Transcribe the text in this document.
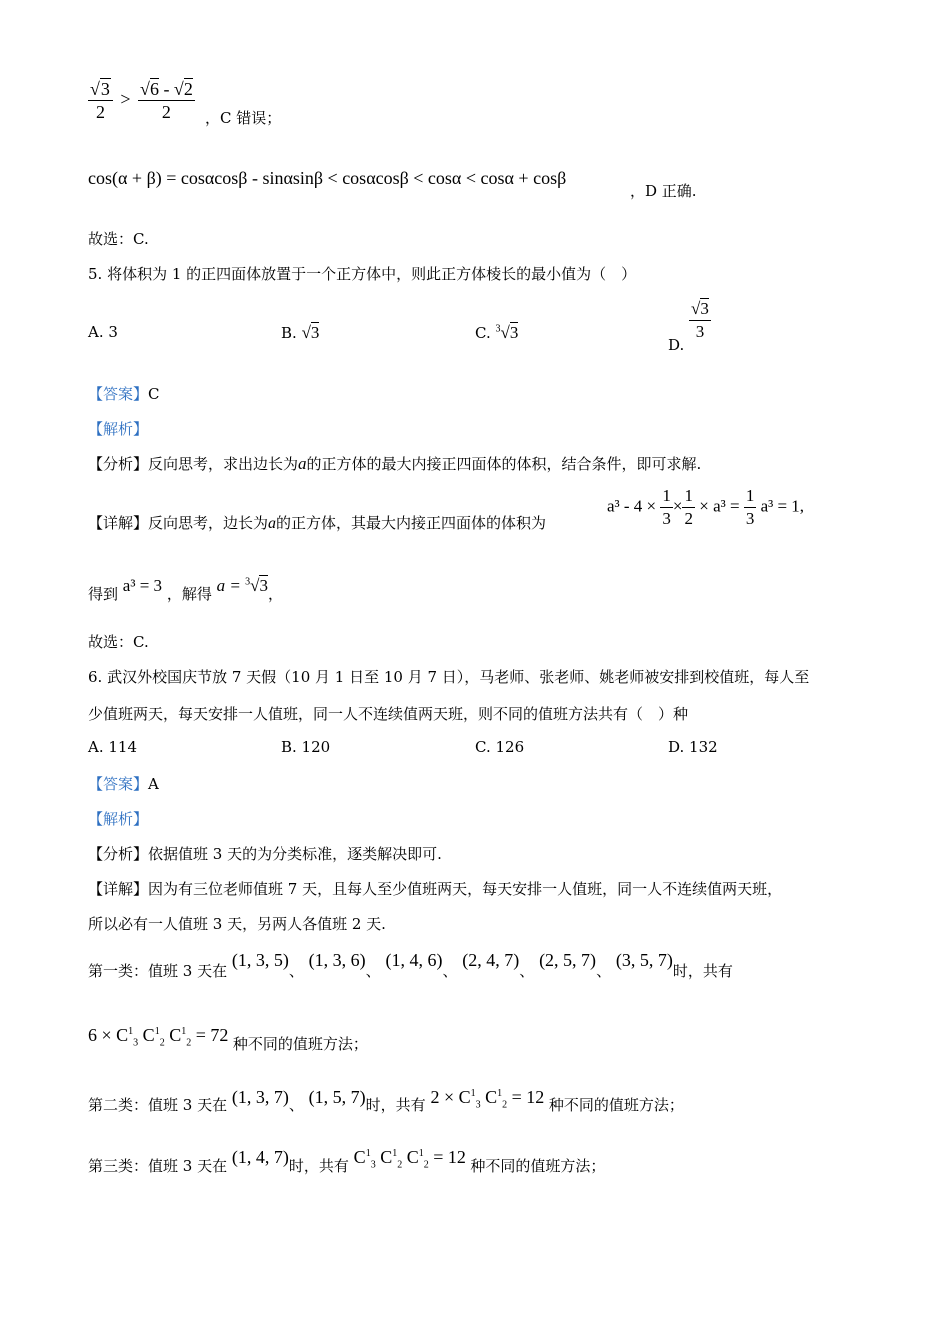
$\frac{√3}{2} > \frac{√6 - √2}{2}$ ，C 错误；
cos(α + β) = cosαcosβ - sinαsinβ < cosαcosβ < cosα < cosα + cosβ
，D 正确.
故选：C.
5. 将体积为 1 的正四面体放置于一个正方体中，则此正方体棱长的最小值为（　）
A. 3	B. √3	C. $^3$√3
D.
$\frac{√3}{3}$
【答案】C
【解析】
【分析】反向思考，求出边长为a的正方体的最大内接正四面体的体积，结合条件，即可求解.
【详解】反向思考，边长为a的正方体，其最大内接正四面体的体积为
$a^3 - 4 \times \frac{1}{3} \times \frac{1}{2} \times a^3 = \frac{1}{3} a^3 = 1$,
得到 a³ = 3 ，解得 a = $^3$√3，
故选：C.
6. 武汉外校国庆节放 7 天假（10 月 1 日至 10 月 7 日），马老师、张老师、姚老师被安排到校值班，每人至
少值班两天，每天安排一人值班，同一人不连续值两天班，则不同的值班方法共有（　）种
A. 114	B. 120	C. 126	D. 132
【答案】A
【解析】
【分析】依据值班 3 天的为分类标准，逐类解决即可.
【详解】因为有三位老师值班 7 天，且每人至少值班两天，每天安排一人值班，同一人不连续值两天班，
所以必有一人值班 3 天，另两人各值班 2 天.
第一类：值班 3 天在 (1, 3, 5)、 (1, 3, 6)、 (1, 4, 6)、 (2, 4, 7)、 (2, 5, 7)、 (3, 5, 7)时，共有
$6 \times C^1_3$ $C^1_2$ $C^1_2 = 72$ 种不同的值班方法；
第二类：值班 3 天在 (1, 3, 7)、 (1, 5, 7)时，共有 $2 \times C^1_3$ $C^1_2 = 12$ 种不同的值班方法；
第三类：值班 3 天在 (1, 4, 7)时，共有 $C^1_3$ $C^1_2$ $C^1_2 = 12$ 种不同的值班方法；
